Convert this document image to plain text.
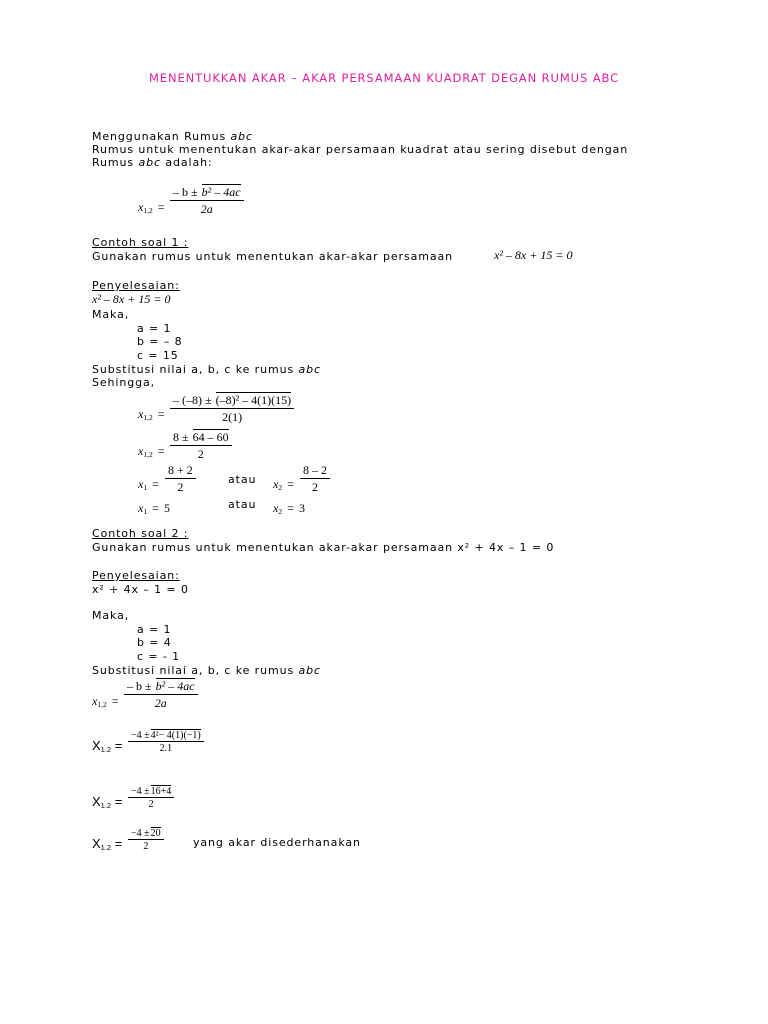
MENENTUKKAN AKAR – AKAR PERSAMAAN KUADRAT DEGAN RUMUS ABC
Menggunakan Rumus abc
Rumus untuk menentukan akar-akar persamaan kuadrat atau sering disebut dengan
Rumus abc adalah:
$x_{1,2} = \frac{\text{– b ± b² – 4ac}}{2a}$
Contoh soal 1 :
Gunakan rumus untuk menentukan akar-akar persamaan	x² – 8x + 15 = 0
Penyelesaian:
x² – 8x + 15 = 0
Maka,
a = 1
b = – 8
c = 15
Substitusi nilai a, b, c ke rumus abc
Sehingga,
$x_{1,2} = \frac{\text{– (–8) ± (–8)² – 4(1)(15)}}{2(1)}$
$x_{1,2} = \frac{8 \pm 64 - 60}{2}$
$x_1 = \frac{8 + 2}{2}$	atau $x_2 = \frac{8 - 2}{2}$
$x_1 = 5$	atau $x_2 = 3$
Contoh soal 2 :
Gunakan rumus untuk menentukan akar-akar persamaan x² + 4x – 1 = 0
Penyelesaian:
x² + 4x – 1 = 0
Maka,
a = 1
b = 4
c = - 1
Substitusi nilai a, b, c ke rumus abc
$x_{1,2} = \frac{\text{– b ± b² – 4ac}}{2a}$
$X_{1.2} = \frac{\text{−4 ±4²− 4(1)(−1)}}{2.1}$
$X_{1.2} = \frac{-4 \pm 16+4}{2}$
$X_{1.2} = \frac{-4 \pm 20}{2}$	yang akar disederhanakan
